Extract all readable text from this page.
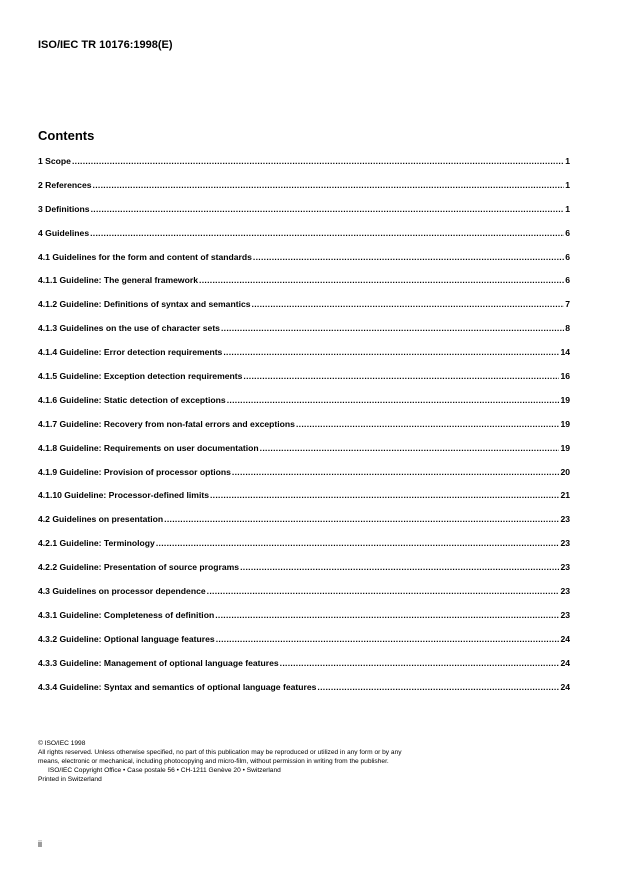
ISO/IEC TR 10176:1998(E)
Contents
1 Scope .....	1
2 References .....	1
3 Definitions .....	1
4 Guidelines .....	6
4.1 Guidelines for the form and content of standards .....	6
4.1.1 Guideline: The general framework .....	6
4.1.2 Guideline: Definitions of syntax and semantics .....	7
4.1.3 Guidelines on the use of character sets .....	8
4.1.4 Guideline: Error detection requirements .....	14
4.1.5 Guideline: Exception detection requirements .....	16
4.1.6 Guideline: Static detection of exceptions .....	19
4.1.7 Guideline: Recovery from non-fatal errors and exceptions .....	19
4.1.8 Guideline: Requirements on user documentation .....	19
4.1.9 Guideline: Provision of processor options .....	20
4.1.10 Guideline: Processor-defined limits .....	21
4.2 Guidelines on presentation .....	23
4.2.1 Guideline: Terminology .....	23
4.2.2 Guideline: Presentation of source programs .....	23
4.3 Guidelines on processor dependence .....	23
4.3.1 Guideline: Completeness of definition .....	23
4.3.2 Guideline: Optional language features .....	24
4.3.3 Guideline: Management of optional language features .....	24
4.3.4 Guideline: Syntax and semantics of optional language features .....	24

© ISO/IEC 1998

All rights reserved. Unless otherwise specified, no part of this publication may be reproduced or utilized in any form or by any means, electronic or mechanical, including photocopying and micro-film, without permission in writing from the publisher.

ISO/IEC Copyright Office • Case postale 56 • CH-1211 Genève 20 • Switzerland

Printed in Switzerland

ii
